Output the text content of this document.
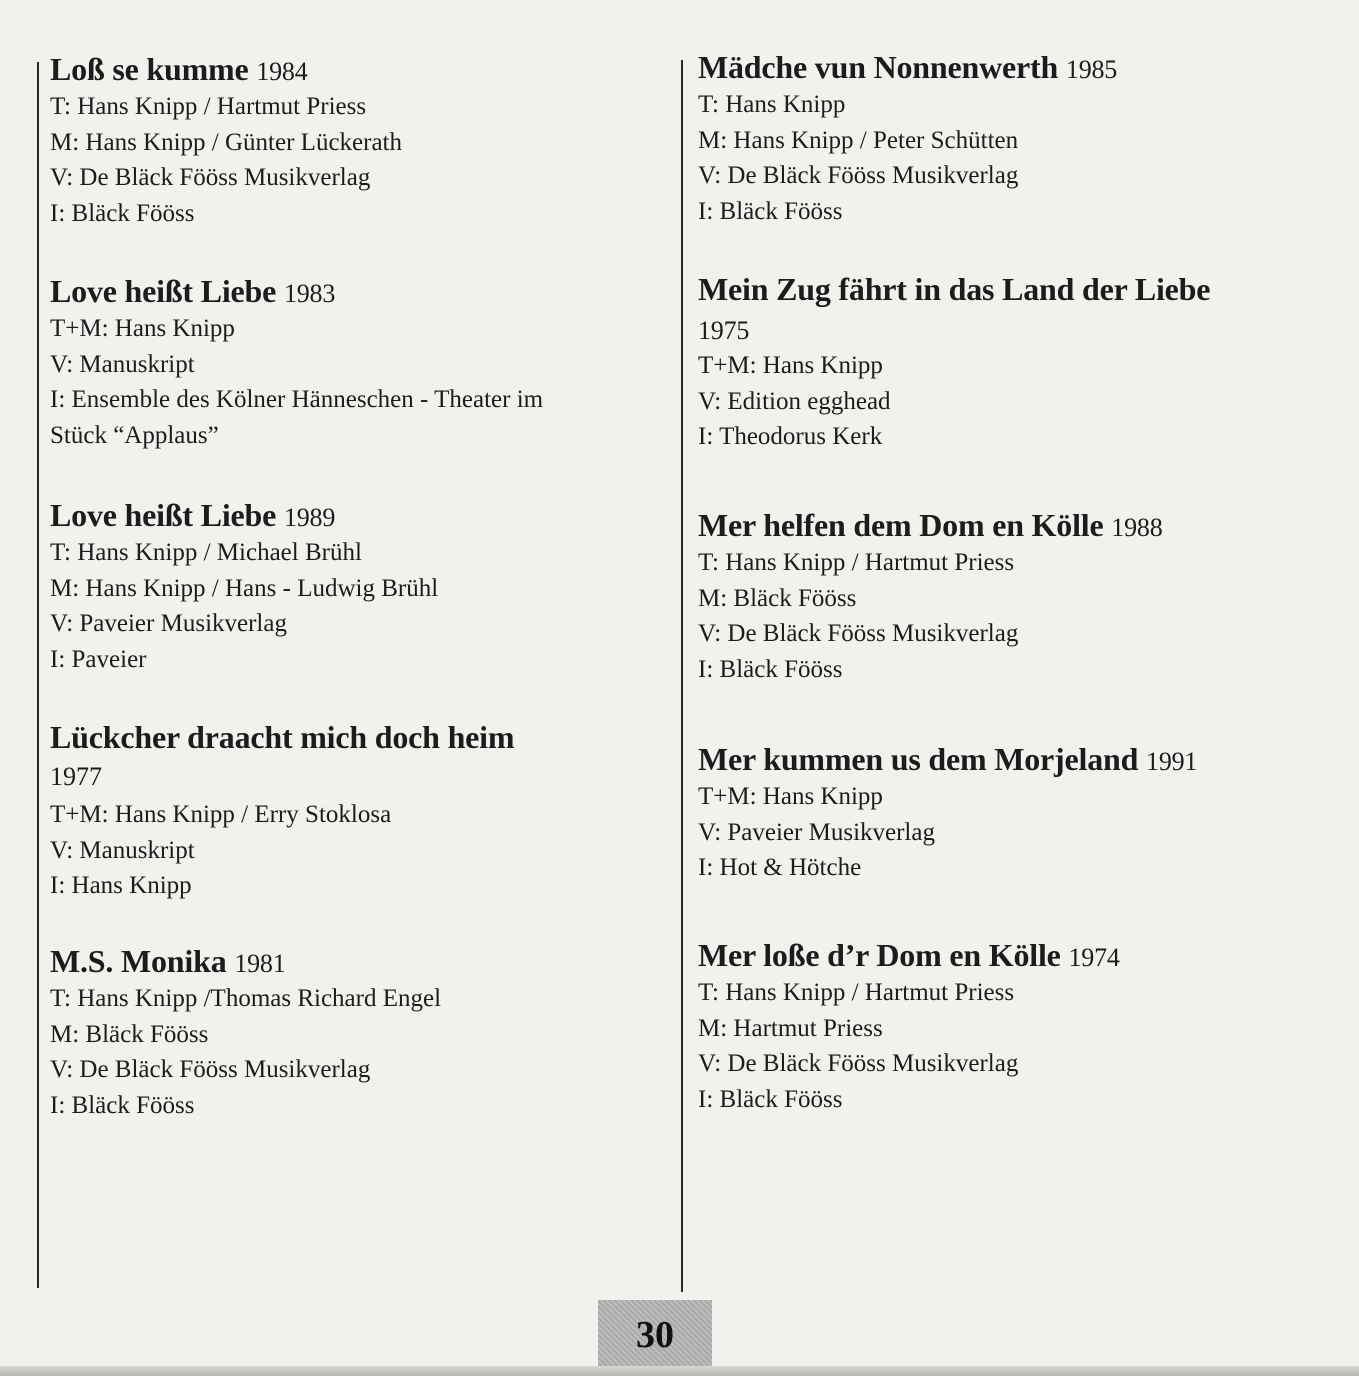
Loß se kumme 1984
T: Hans Knipp / Hartmut Priess
M: Hans Knipp / Günter Lückerath
V: De Bläck Fööss Musikverlag
I: Bläck Fööss
Love heißt Liebe 1983
T+M: Hans Knipp
V: Manuskript
I: Ensemble des Kölner Hänneschen - Theater im
Stück “Applaus”
Love heißt Liebe 1989
T: Hans Knipp / Michael Brühl
M: Hans Knipp / Hans - Ludwig Brühl
V: Paveier Musikverlag
I: Paveier
Lückcher draacht mich doch heim
1977
T+M: Hans Knipp / Erry Stoklosa
V: Manuskript
I: Hans Knipp
M.S. Monika 1981
T: Hans Knipp /Thomas Richard Engel
M: Bläck Fööss
V: De Bläck Fööss Musikverlag
I: Bläck Fööss
Mädche vun Nonnenwerth 1985
T: Hans Knipp
M: Hans Knipp / Peter Schütten
V: De Bläck Fööss Musikverlag
I: Bläck Fööss
Mein Zug fährt in das Land der Liebe 1975
T+M: Hans Knipp
V: Edition egghead
I: Theodorus Kerk
Mer helfen dem Dom en Kölle 1988
T: Hans Knipp / Hartmut Priess
M: Bläck Fööss
V: De Bläck Fööss Musikverlag
I: Bläck Fööss
Mer kummen us dem Morjeland 1991
T+M: Hans Knipp
V: Paveier Musikverlag
I: Hot & Hötche
Mer loße d’r Dom en Kölle 1974
T: Hans Knipp / Hartmut Priess
M: Hartmut Priess
V: De Bläck Fööss Musikverlag
I: Bläck Fööss
30
